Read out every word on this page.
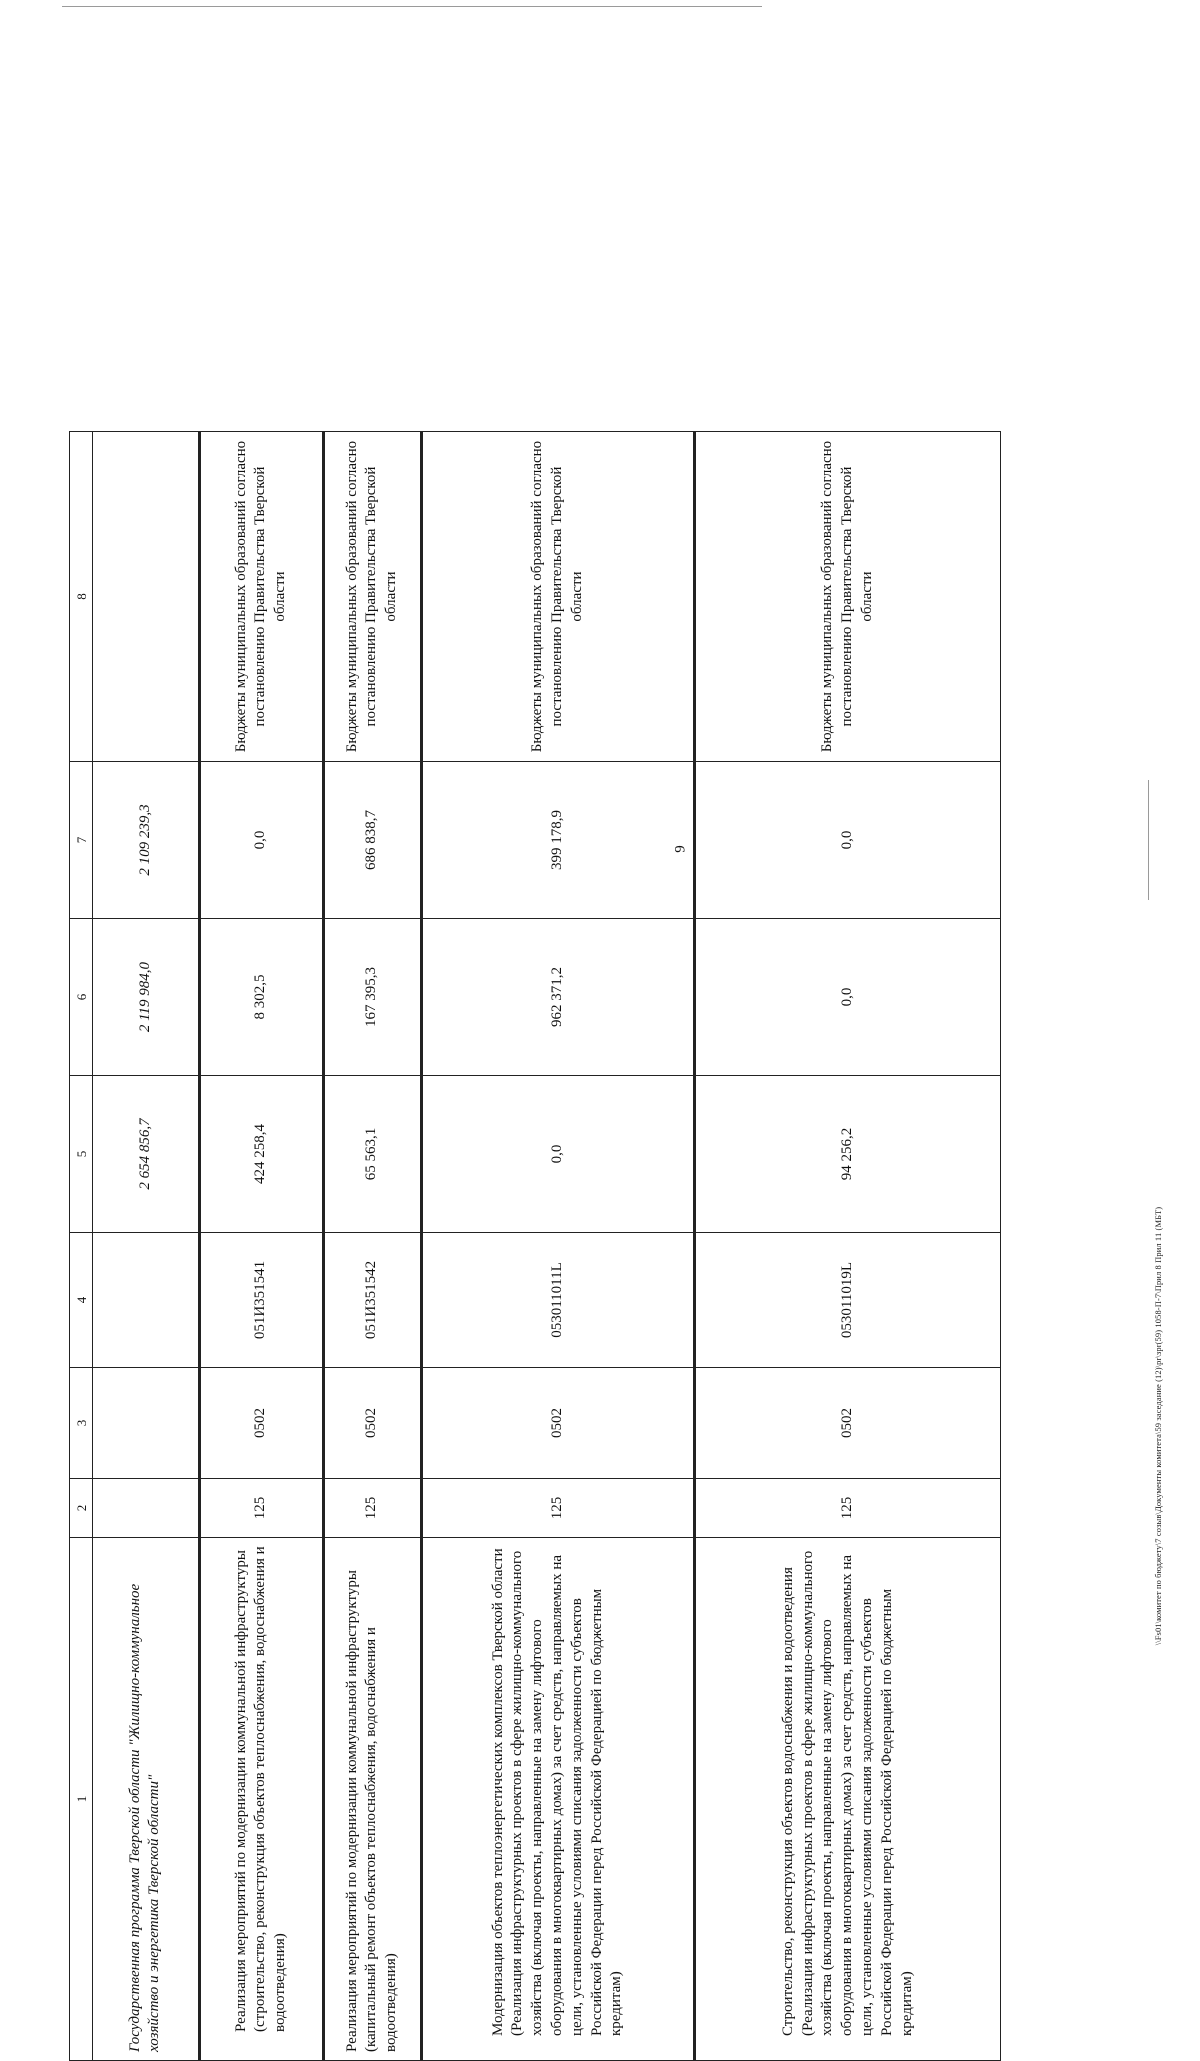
9
1	2	3	4	5	6	7	8
Государственная программа Тверской области "Жилищно-коммунальное хозяйство и энергетика Тверской области"				2 654 856,7	2 119 984,0	2 109 239,3	
Реализация мероприятий по модернизации коммунальной инфраструктуры (строительство, реконструкция объектов теплоснабжения, водоснабжения и водоотведения)	125	0502	051И351541	424 258,4	8 302,5	0,0	Бюджеты муниципальных образований согласно постановлению Правительства Тверской области
Реализация мероприятий по модернизации коммунальной инфраструктуры (капитальный ремонт объектов теплоснабжения, водоснабжения и водоотведения)	125	0502	051И351542	65 563,1	167 395,3	686 838,7	Бюджеты муниципальных образований согласно постановлению Правительства Тверской области
Модернизация объектов теплоэнергетических комплексов Тверской области (Реализация инфраструктурных проектов в сфере жилищно-коммунального хозяйства (включая проекты, направленные на замену лифтового оборудования в многоквартирных домах) за счет средств, направляемых на цели, установленные условиями списания задолженности субъектов Российской Федерации перед Российской Федерацией по бюджетным кредитам)	125	0502	053011011L	0,0	962 371,2	399 178,9	Бюджеты муниципальных образований согласно постановлению Правительства Тверской области
Строительство, реконструкция объектов водоснабжения и водоотведения (Реализация инфраструктурных проектов в сфере жилищно-коммунального хозяйства (включая проекты, направленные на замену лифтового оборудования в многоквартирных домах) за счет средств, направляемых на цели, установленные условиями списания задолженности субъектов Российской Федерации перед Российской Федерацией по бюджетным кредитам)	125	0502	053011019L	94 256,2	0,0	0,0	Бюджеты муниципальных образований согласно постановлению Правительства Тверской области
\\Fs01\комитет по бюджету\7 созыв\Документы комитета\59 заседание (12)\pr\зрr(59) 1058-П-7\Прил 8 Прил 11 (МБТ)
